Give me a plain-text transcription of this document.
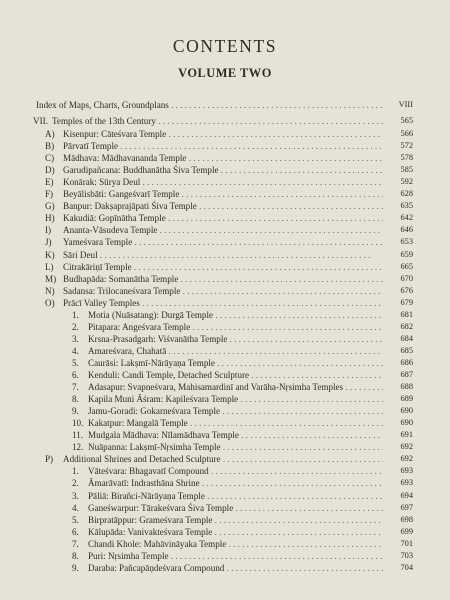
CONTENTS
VOLUME TWO
Index of Maps, Charts, Groundplans . . .	VIII
VII. Temples of the 13th Century . . .	565
A) Kisenpur: Cāteśvara Temple . . .	566
B) Pārvatī Temple . . .	572
C) Mādhava: Mādhavananda Temple . . .	578
D) Garudipañcana: Buddhanātha Śiva Temple . . .	585
E) Konārak: Sūrya Deul . . .	592
F) Beyālisbāti: Gangeśvarī Temple . . .	628
G) Banpur: Dakṣaprajāpati Śiva Temple . . .	635
H) Kakudiā: Gopīnātha Temple . . .	642
I) Ananta-Vāsudeva Temple . . .	646
J) Yameśvara Temple . . .	653
K) Sāri Deul . . .	659
L) Citrakāriṇī Temple . . .	665
M) Budhapāda: Somanātha Temple . . .	670
N) Sadansa: Trilocaneśvara Temple . . .	676
O) Prācī Valley Temples . . .	679
1. Motia (Nuāsatang): Durgā Temple . . .	681
2. Pitapara: Angeśvara Temple . . .	682
3. Krsna-Prasadgarh: Viśvanātha Temple . . .	684
4. Amareśvara, Chahatā . . .	685
5. Caurāsi: Lakṣmī-Nārāyaṇa Temple . . .	686
6. Kenduli: Candi Temple, Detached Sculpture . . .	687
7. Adasapur: Svapneśvara, Mahisamardinī and Varāha-Nṛsimha Temples . . .	688
8. Kapila Muni Āśram: Kapileśvara Temple . . .	689
9. Jamu-Goradi: Gokarneśvara Temple . . .	690
10. Kakatpur: Mangalā Temple . . .	690
11. Mudgala Mādhava: Nīlamādhava Temple . . .	691
12. Nuāpanna: Lakṣmī-Nṛsimha Temple . . .	692
P) Additional Shrines and Detached Sculpture . . .	692
1. Vāteśvara: Bhagavatī Compound . . .	693
2. Āmarāvatī: Indrasthāna Shrine . . .	693
3. Pāliā: Birañci-Nārāyaṇa Temple . . .	694
4. Ganeśwarpur: Tārakeśvara Śiva Temple . . .	697
5. Birpratāppur: Grameśvara Temple . . .	698
6. Kālupāda: Vanivakteśvara Temple . . .	699
7. Chandi Khole: Mahāvināyaka Temple . . .	701
8. Puri: Nṛsimha Temple . . .	703
9. Daraba: Pañcapāṇdeśvara Compound . . .	704
